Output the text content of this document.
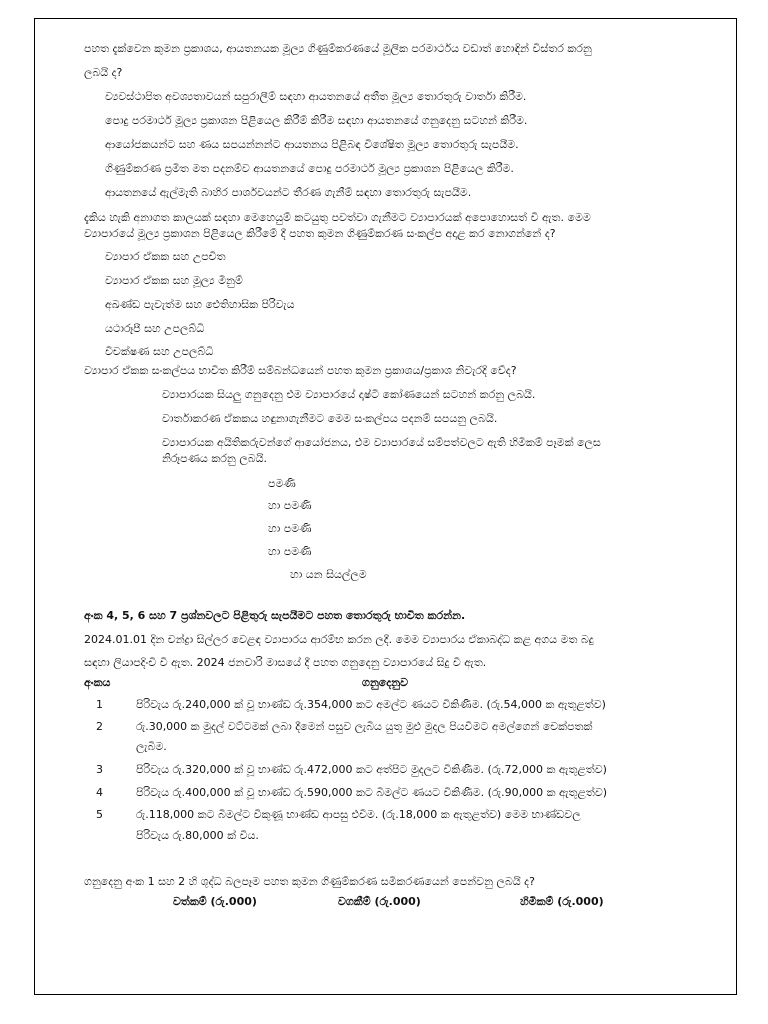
පහත දැක්වෙන කුමන ප්‍රකාශය, ආයතනයක මූල්‍ය ගිණුම්කරණයේ මූලික පරමාර්ථය වඩාත් හොඳින් විස්තර කරනු
ලබයි ද?
ව්‍යවස්ථාපිත අවශ්‍යතාවයන් සපුරාලීම් සඳහා ආයතනයේ අතීත මූල්‍ය තොරතුරු වාර්තා කිරීම.
පොදු පරමාර්ථ මූල්‍ය ප්‍රකාශන පිළියෙල කිරීම් කිරීම සඳහා ආයතනයේ ගනුදෙනු සටහන් කිරීම.
ආයෝජකයන්ට සහ ණය සපයන්නන්ට ආයතනය පිළිබඳ විශේෂිත මූල්‍ය තොරතුරු සැපයීම.
ගිණුම්කරණ ප්‍රමිත මත පදනම්ව ආයතනයේ පොදු පරමාර්ථ මූල්‍ය ප්‍රකාශන පිළියෙල කිරීම.
ආයතනයේ ඇල්මැති බාහිර පාර්ශවයන්ට තීරණ ගැනීම් සඳහා තොරතුරු සැපයීම.
දැකිය හැකි අනාගත කාලයක් සඳහා මෙහෙයුම් කටයුතු පවත්වා ගැනීමට ව්‍යාපාරයක් අපොහොසත් වී ඇත. මෙම
ව්‍යාපාරයේ මූල්‍ය ප්‍රකාශන පිළියෙල කිරීමේ දී පහත කුමන ගිණුම්කරණ සංකල්ප අදාළ කර නොගන්නේ ද?
ව්‍යාපාර ඒකක සහ උපචිත
ව්‍යාපාර ඒකක සහ මූල්‍ය මිනුම්
අඛණ්ඩ පැවැත්ම සහ ඓතිහාසික පිරිවැය
යථාරූපී සහ උපලබ්ධි
විචක්ෂණ සහ උපලබ්ධි
ව්‍යාපාර ඒකක සංකල්පය භාවිත කිරීම් සම්බන්ධයෙන් පහත කුමන ප්‍රකාශය/ප්‍රකාශ නිවැරදි වේද?
ව්‍යාපාරයක සියලු ගනුදෙනු එම ව්‍යාපාරයේ දෘෂ්ටි කෝණයෙන් සටහන් කරනු ලබයි.
වාර්තාකරණ ඒකකය හඳුනාගැනීමට මෙම සංකල්පය පදනම් සපයනු ලබයි.
ව්‍යාපාරයක අයිතිකරුවන්ගේ ආයෝජනය, එම ව්‍යාපාරයේ සම්පත්වලට ඇති හිමිකම් පෑමක් ලෙස
නිරූපණය කරනු ලබයි.
පමණි
හා පමණි
හා පමණි
හා පමණි
හා යන සියල්ලම
අංක 4, 5, 6 සහ 7 ප්‍රශ්නවලට පිළිතුරු සැපයීමට පහත තොරතුරු භාවිත කරන්න.
2024.01.01 දින චන්ද්‍රා සිල්ලර වෙළඳ ව්‍යාපාරය ආරම්භ කරන ලදී. මෙම ව්‍යාපාරය ඒකාබද්ධ කළ අගය මත බදු
සඳහා ලියාපදිංචි වී ඇත. 2024 ජනවාරි මාසයේ දී පහත ගනුදෙනු ව්‍යාපාරයේ සිදු වී ඇත.
අංකය	ගනුදෙනුව
1	පිරිවැය රු.240,000 ක් වූ භාණ්ඩ රු.354,000 කට අමල්ට ණයට විකිණීම. (රු.54,000 ක ඇතුළත්ව)
2	රු.30,000 ක මුදල් වට්ටමක් ලබා දීමෙන් පසුව ලැබිය යුතු මුළු මුදල පියවීමට අමල්ගෙන් චෙක්පතක්
ලැබීම.
3	පිරිවැය රු.320,000 ක් වූ භාණ්ඩ රු.472,000 කට අත්පිට මුදලට විකිණීම. (රු.72,000 ක ඇතුළත්ව)
4	පිරිවැය රු.400,000 ක් වූ භාණ්ඩ රු.590,000 කට බිමල්ට ණයට විකිණීම. (රු.90,000 ක ඇතුළත්ව)
5	රු.118,000 කට බිමල්ට විකුණූ භාණ්ඩ ආපසු එවීම. (රු.18,000 ක ඇතුළත්ව) මෙම භාණ්ඩවල
පිරිවැය රු.80,000 ක් විය.
ගනුදෙනු අංක 1 සහ 2 හි ශුද්ධ බලපෑම පහත කුමන ගිණුම්කරණ සමීකරණයෙන් පෙන්වනු ලබයි ද?
වත්කම් (රු.000)	වගකීම් (රු.000)	හිමිකම් (රු.000)
